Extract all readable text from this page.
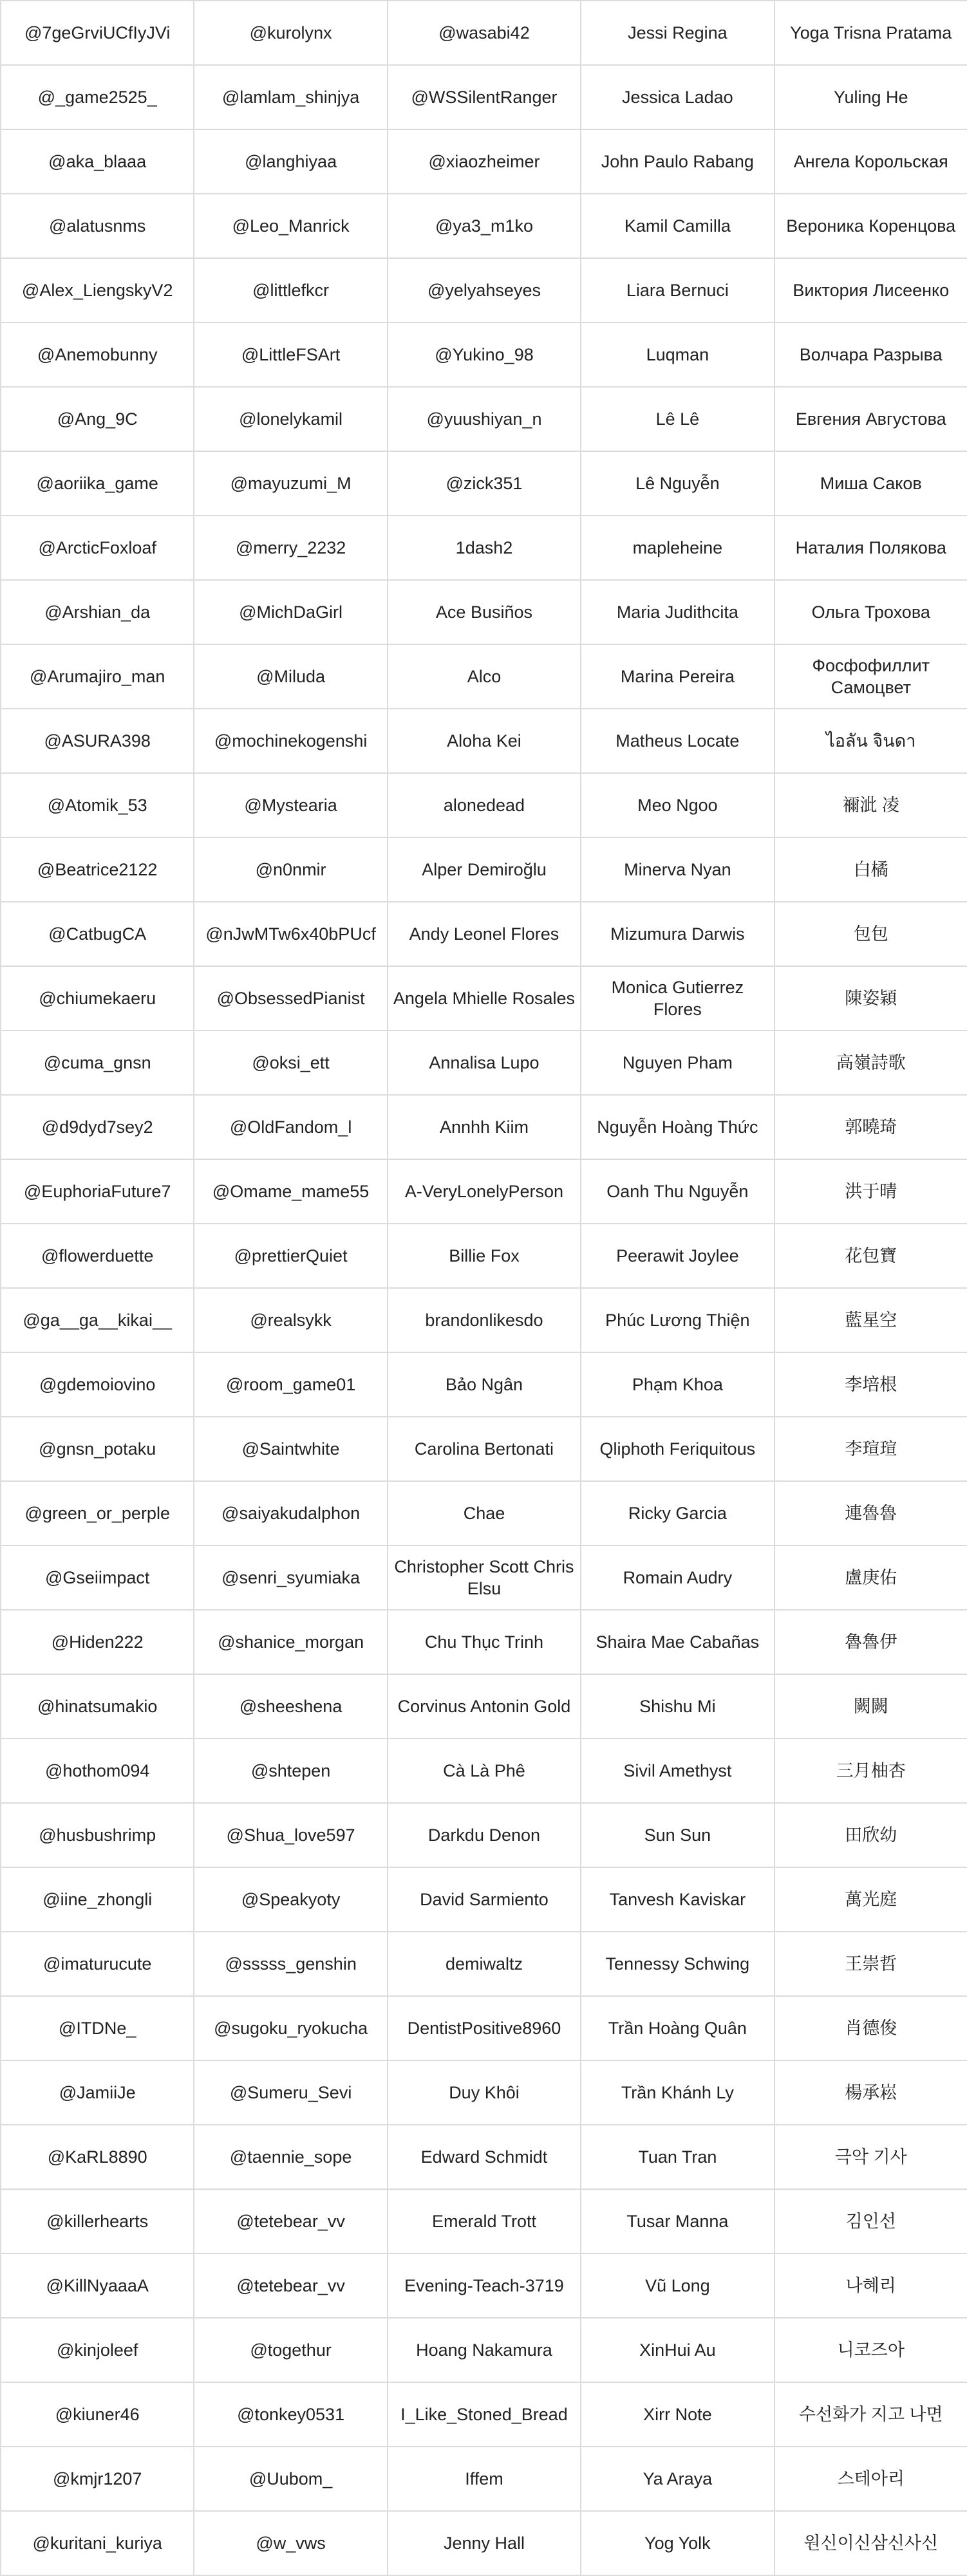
@7geGrviUCfIyJVi	@kurolynx	@wasabi42	Jessi Regina	Yoga Trisna Pratama
@_game2525_	@lamlam_shinjya	@WSSilentRanger	Jessica Ladao	Yuling He
@aka_blaaa	@langhiyaa	@xiaozheimer	John Paulo Rabang	Ангела Корольская
@alatusnms	@Leo_Manrick	@ya3_m1ko	Kamil Camilla	Вероника Коренцова
@Alex_LiengskyV2	@littlefkcr	@yelyahseyes	Liara Bernuci	Виктория Лисеенко
@Anemobunny	@LittleFSArt	@Yukino_98	Luqman	Волчара Разрыва
@Ang_9C	@lonelykamil	@yuushiyan_n	Lê Lê	Евгения Августова
@aoriika_game	@mayuzumi_M	@zick351	Lê Nguyễn	Миша Саков
@ArcticFoxloaf	@merry_2232	1dash2	mapleheine	Наталия Полякова
@Arshian_da	@MichDaGirl	Ace Busiños	Maria Judithcita	Ольга Трохова
@Arumajiro_man	@Miluda	Alco	Marina Pereira	Фосфофиллит Самоцвет
@ASURA398	@mochinekogenshi	Aloha Kei	Matheus Locate	ไอลัน จินดา
@Atomik_53	@Mystearia	alonedead	Meo Ngoo	禰泚 凌
@Beatrice2122	@n0nmir	Alper Demiroğlu	Minerva Nyan	白橘
@CatbugCA	@nJwMTw6x40bPUcf	Andy Leonel Flores	Mizumura Darwis	包包
@chiumekaeru	@ObsessedPianist	Angela Mhielle Rosales	Monica Gutierrez Flores	陳姿穎
@cuma_gnsn	@oksi_ett	Annalisa Lupo	Nguyen Pham	高嶺詩歌
@d9dyd7sey2	@OldFandom_l	Annhh Kiim	Nguyễn Hoàng Thức	郭曉琦
@EuphoriaFuture7	@Omame_mame55	A-VeryLonelyPerson	Oanh Thu Nguyễn	洪于晴
@flowerduette	@prettierQuiet	Billie Fox	Peerawit Joylee	花包寶
@ga__ga__kikai__	@realsykk	brandonlikesdo	Phúc Lương Thiện	藍星空
@gdemoiovino	@room_game01	Bảo Ngân	Phạm Khoa	李培根
@gnsn_potaku	@Saintwhite	Carolina Bertonati	Qliphoth Feriquitous	李瑄瑄
@green_or_perple	@saiyakudalphon	Chae	Ricky Garcia	連魯魯
@Gseiimpact	@senri_syumiaka	Christopher Scott Chris Elsu	Romain Audry	盧庚佑
@Hiden222	@shanice_morgan	Chu Thục Trinh	Shaira Mae Cabañas	魯魯伊
@hinatsumakio	@sheeshena	Corvinus Antonin Gold	Shishu Mi	闕闕
@hothom094	@shtepen	Cà Là Phê	Sivil Amethyst	三月柚杏
@husbushrimp	@Shua_love597	Darkdu Denon	Sun Sun	田欣幼
@iine_zhongli	@Speakyoty	David Sarmiento	Tanvesh Kaviskar	萬光庭
@imaturucute	@sssss_genshin	demiwaltz	Tennessy Schwing	王崇哲
@ITDNe_	@sugoku_ryokucha	DentistPositive8960	Trần Hoàng Quân	肖德俊
@JamiiJe	@Sumeru_Sevi	Duy Khôi	Trần Khánh Ly	楊承崧
@KaRL8890	@taennie_sope	Edward Schmidt	Tuan Tran	극악 기사
@killerhearts	@tetebear_vv	Emerald Trott	Tusar Manna	김인선
@KillNyaaaA	@tetebear_vv	Evening-Teach-3719	Vũ Long	나혜리
@kinjoleef	@togethur	Hoang Nakamura	XinHui Au	니코즈아
@kiuner46	@tonkey0531	I_Like_Stoned_Bread	Xirr Note	수선화가 지고 나면
@kmjr1207	@Uubom_	Iffem	Ya Araya	스테아리
@kuritani_kuriya	@w_vws	Jenny Hall	Yog Yolk	원신이신삼신사신
